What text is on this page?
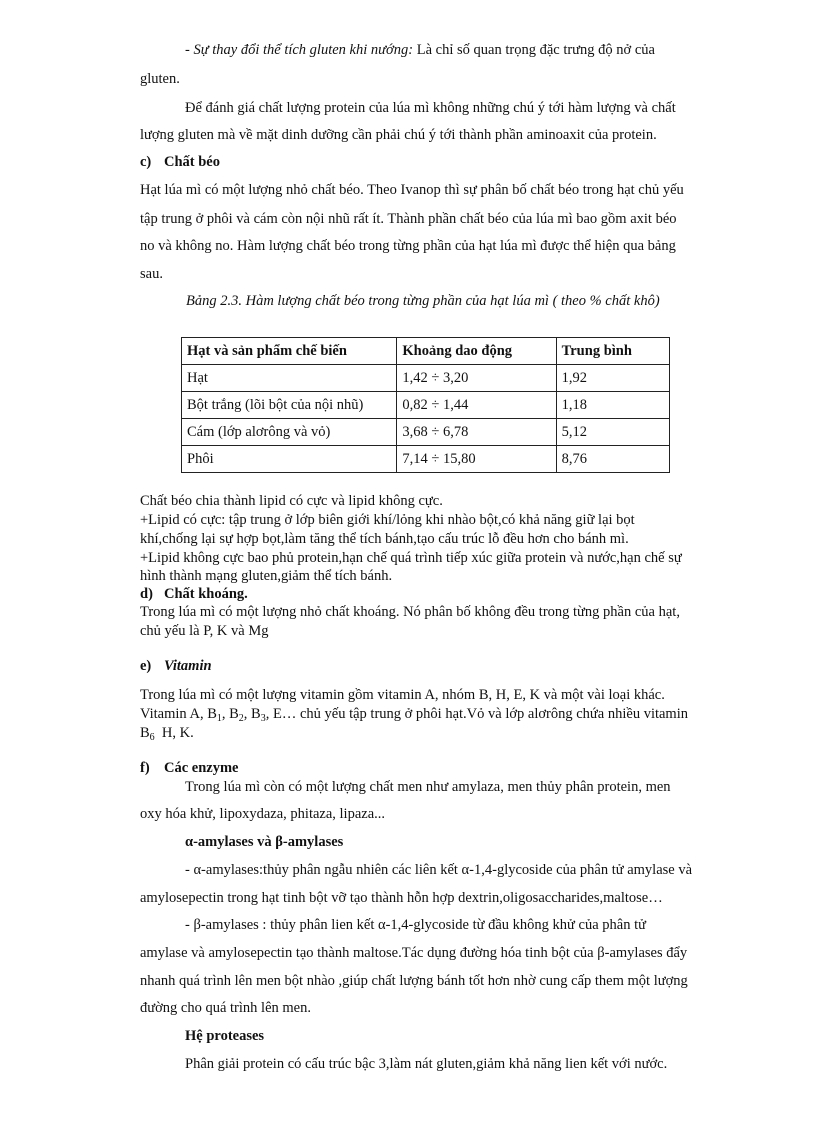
- Sự thay đổi thể tích gluten khi nướng: Là chỉ số quan trọng đặc trưng độ nở của

gluten.

Để đánh giá chất lượng protein của lúa mì không những chú ý tới hàm lượng và chất

lượng gluten mà về mặt dinh dưỡng cần phải chú ý tới thành phần aminoaxit của protein.

c) Chất béo

Hạt lúa mì có một lượng nhỏ chất béo. Theo Ivanop thì sự phân bố chất béo trong hạt chủ yếu

tập trung ở phôi và cám còn nội nhũ rất ít. Thành phần chất béo của lúa mì bao gồm axit béo

no và không no. Hàm lượng chất béo trong từng phần của hạt lúa mì được thể hiện qua bảng

sau.

Bảng 2.3. Hàm lượng chất béo trong từng phần của hạt lúa mì ( theo % chất khô)

Hạt và sản phẩm chế biến	Khoảng dao động	Trung bình
Hạt	1,42 ÷ 3,20	1,92
Bột trắng (lõi bột của nội nhũ)	0,82 ÷ 1,44	1,18
Cám (lớp alơrông và vỏ)	3,68 ÷ 6,78	5,12
Phôi	7,14 ÷ 15,80	8,76

Chất béo chia thành lipid có cực và lipid không cực.

+Lipid có cực: tập trung ở lớp biên giới khí/lỏng khi nhào bột,có khả năng giữ lại bọt

khí,chống lại sự hợp bọt,làm tăng thể tích bánh,tạo cấu trúc lỗ đều hơn cho bánh mì.

+Lipid không cực bao phủ protein,hạn chế quá trình tiếp xúc giữa protein và nước,hạn chế sự

hình thành mạng gluten,giảm thể tích bánh.

d) Chất khoáng.

Trong lúa mì có một lượng nhỏ chất khoáng. Nó phân bố không đều trong từng phần của hạt,

chủ yếu là P, K và Mg

e) Vitamin

Trong lúa mì có một lượng vitamin gồm vitamin A, nhóm B, H, E, K và một vài loại khác.

Vitamin A, $B_1$, $B_2$, $B_3$, E… chủ yếu tập trung ở phôi hạt.Vỏ và lớp alơrông chứa nhiều vitamin

$B_6$  H, K.

f) Các enzyme

Trong lúa mì còn có một lượng chất men như amylaza, men thủy phân protein, men

oxy hóa khử, lipoxydaza, phitaza, lipaza...

α-amylases và β-amylases

- α-amylases:thủy phân ngẫu nhiên các liên kết α-1,4-glycoside của phân tử amylase và

amylosepectin trong hạt tinh bột vỡ tạo thành hỗn hợp dextrin,oligosaccharides,maltose…

- β-amylases : thủy phân lien kết α-1,4-glycoside từ đầu không khử của phân tử

amylase và amylosepectin tạo thành maltose.Tác dụng đường hóa tinh bột của β-amylases đẩy

nhanh quá trình lên men bột nhào ,giúp chất lượng bánh tốt hơn nhờ cung cấp them một lượng

đường cho quá trình lên men.

Hệ proteases

Phân giải protein có cấu trúc bậc 3,làm nát gluten,giảm khả năng lien kết với nước.
